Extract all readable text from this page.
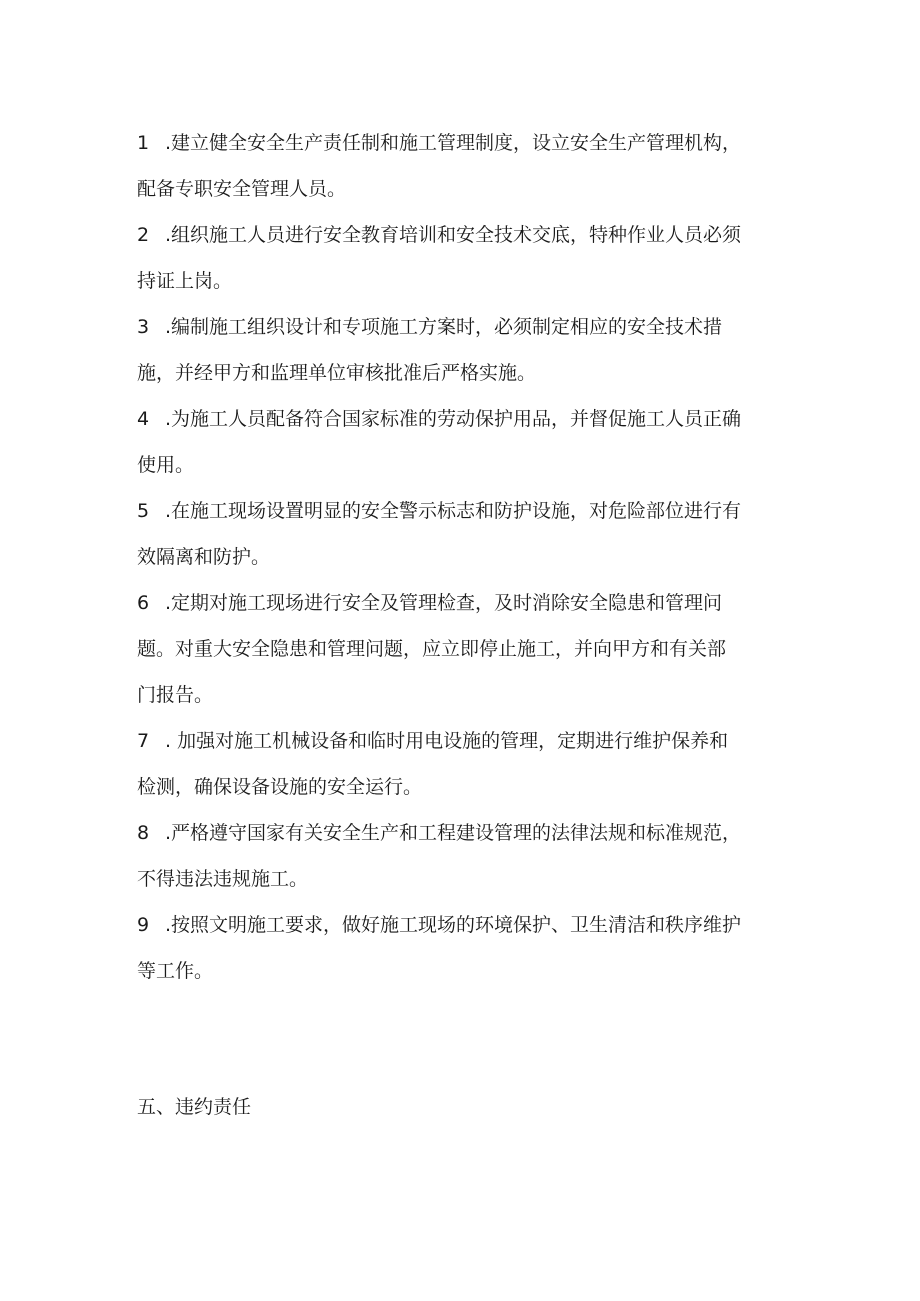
1 .建立健全安全生产责任制和施工管理制度，设立安全生产管理机构，
配备专职安全管理人员。

2 .组织施工人员进行安全教育培训和安全技术交底，特种作业人员必须
持证上岗。

3 .编制施工组织设计和专项施工方案时，必须制定相应的安全技术措
施，并经甲方和监理单位审核批准后严格实施。

4 .为施工人员配备符合国家标准的劳动保护用品，并督促施工人员正确
使用。

5 .在施工现场设置明显的安全警示标志和防护设施，对危险部位进行有
效隔离和防护。

6 .定期对施工现场进行安全及管理检查，及时消除安全隐患和管理问
题。对重大安全隐患和管理问题，应立即停止施工，并向甲方和有关部
门报告。

7 . 加强对施工机械设备和临时用电设施的管理，定期进行维护保养和
检测，确保设备设施的安全运行。

8 .严格遵守国家有关安全生产和工程建设管理的法律法规和标准规范，
不得违法违规施工。

9 .按照文明施工要求，做好施工现场的环境保护、卫生清洁和秩序维护
等工作。

五、违约责任
